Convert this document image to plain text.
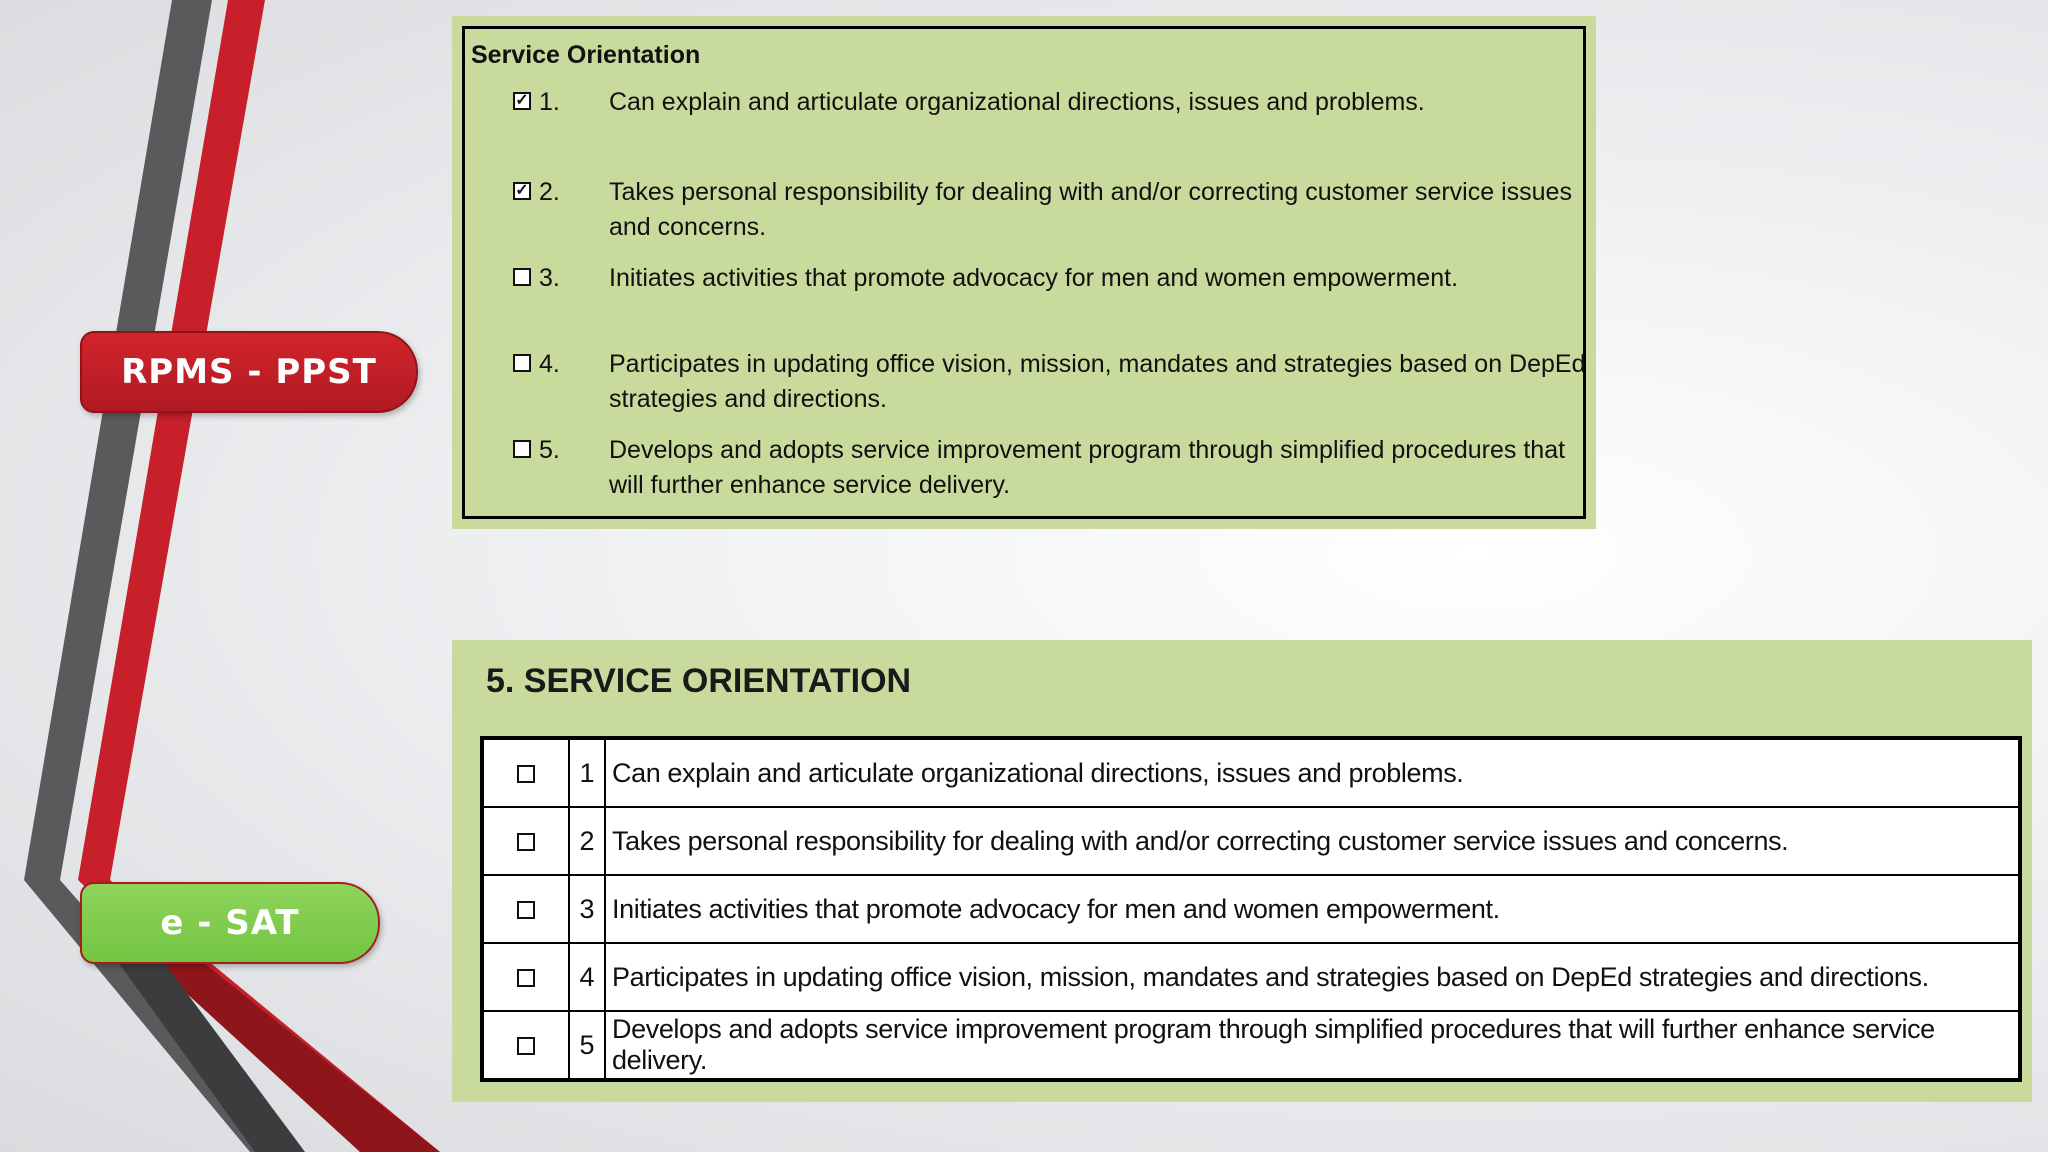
RPMS - PPST
e - SAT
Service Orientation
✓ 1. Can explain and articulate organizational directions, issues and problems.
✓ 2. Takes personal responsibility for dealing with and/or correcting customer service issues and concerns.
3. Initiates activities that promote advocacy for men and women empowerment.
4. Participates in updating office vision, mission, mandates and strategies based on DepEd strategies and directions.
5. Develops and adopts service improvement program through simplified procedures that will further enhance service delivery.
5. SERVICE ORIENTATION
	1	Can explain and articulate organizational directions, issues and problems.
	2	Takes personal responsibility for dealing with and/or correcting customer service issues and concerns.
	3	Initiates activities that promote advocacy for men and women empowerment.
	4	Participates in updating office vision, mission, mandates and strategies based on DepEd strategies and directions.
	5	Develops and adopts service improvement program through simplified procedures that will further enhance service delivery.
